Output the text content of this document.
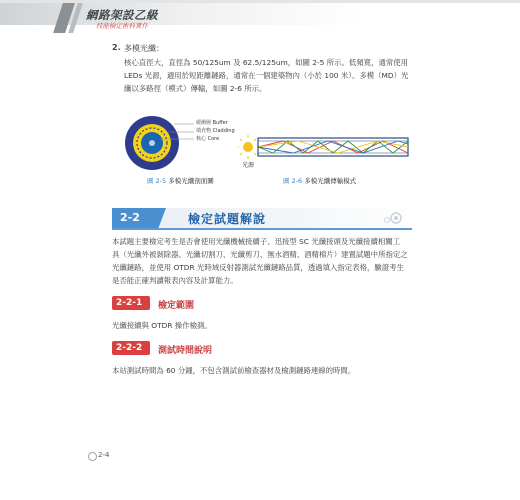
網路架設乙級
技能檢定術科實作
2. 多模光纖：
核心直徑大，直徑為 50/125um 及 62.5/125um，如圖 2-5 所示。低頻寬，通常使用
LEDs 光源，適用於短距離鏈路，通常在一個建築物內（小於 100 米）。多模（MD）光
纖以多路徑（模式）傳輸，如圖 2-6 所示。
緩衝層 Buffer
填充物 Cladding
核心 Core
圖 2-5 多模光纖剖面圖
光源
圖 2-6 多模光纖傳輸模式
2-2	檢定試題解說
本試題主要檢定考生是否會使用光纖機械接續子、迅接型 SC 光纖接頭及光纖接續相關工
具（光纖外被剝除器、光纖切割刀、光纖剪刀、無水酒精、酒精棉片）建置試題中所指定之
光纖鏈路，並使用 OTDR 光時域反射器測試光纖鏈路品質，透過填入指定表格，驗證考生
是否能正確判讀報表內容及計算能力。
2-2-1 檢定範圍
光纖接續與 OTDR 操作檢測。
2-2-2 測試時間說明
本站測試時間為 60 分鐘，不包含測試前檢查器材及檢測鏈路連線的時間。
2-4
